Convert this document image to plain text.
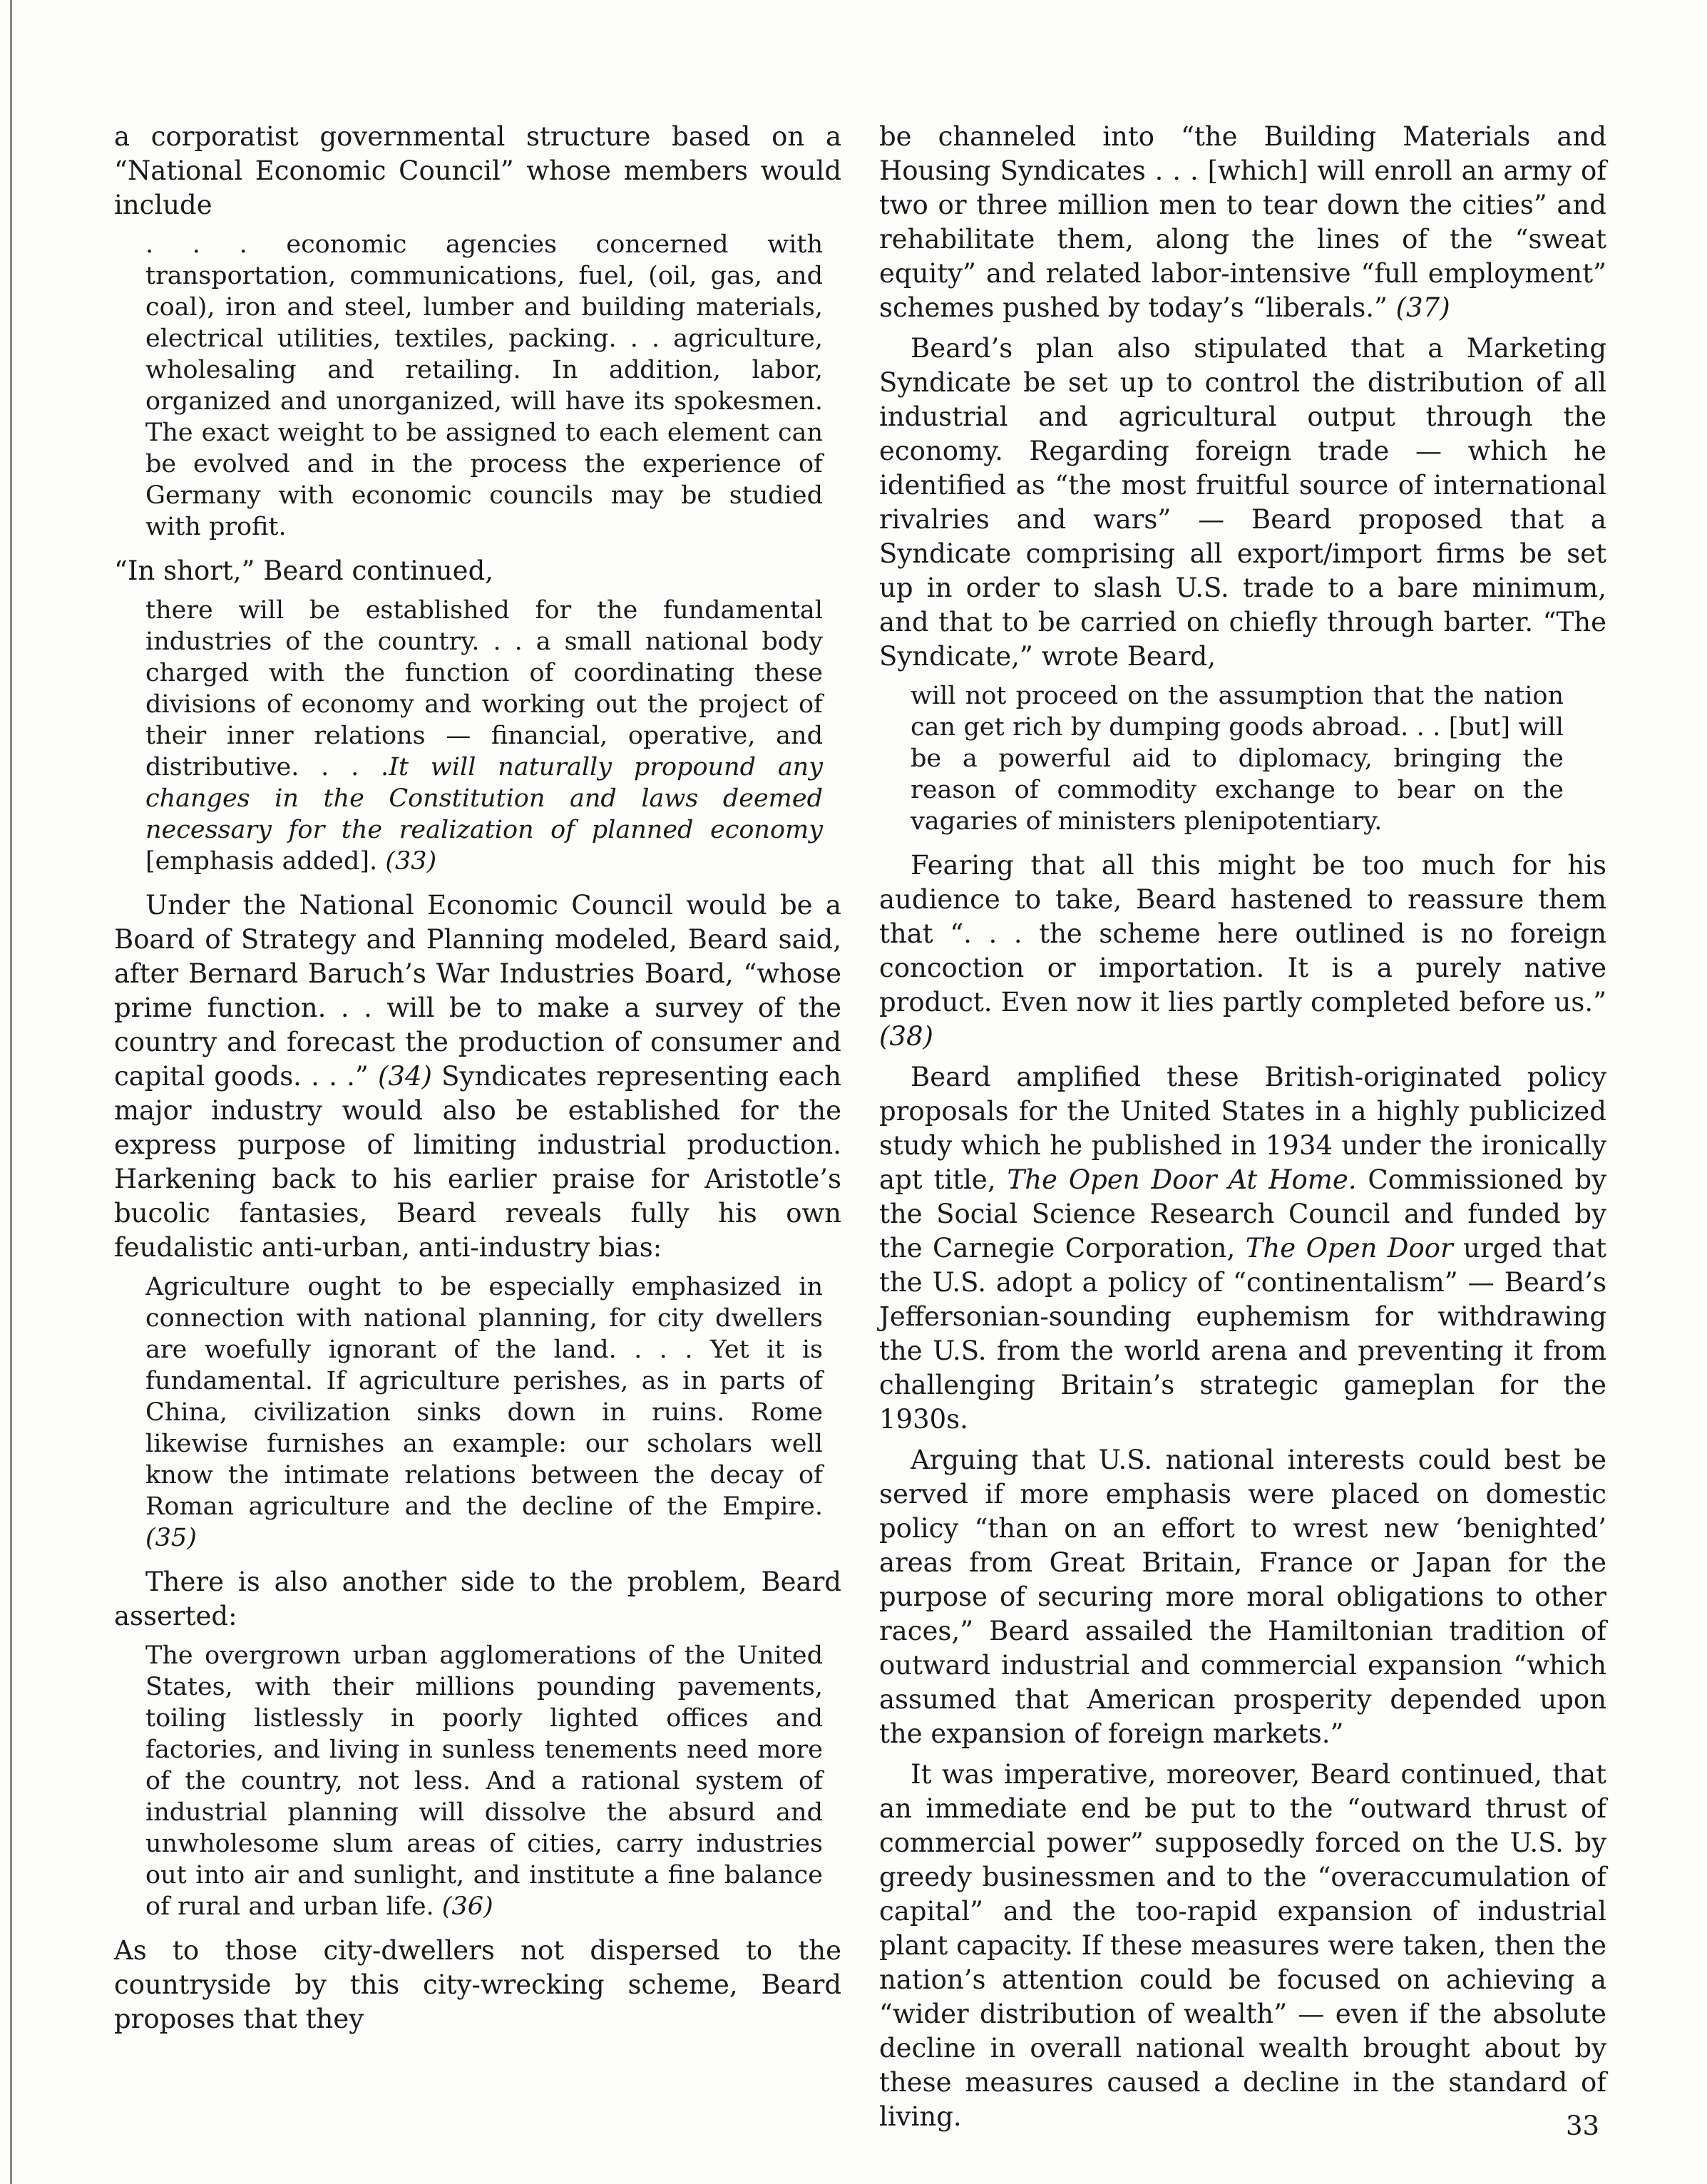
a corporatist governmental structure based on a “National Economic Council” whose members would include

. . . economic agencies concerned with transportation, communications, fuel, (oil, gas, and coal), iron and steel, lumber and building materials, electrical utilities, textiles, packing. . . agriculture, wholesaling and retailing. In addition, labor, organized and unorganized, will have its spokesmen. The exact weight to be assigned to each element can be evolved and in the process the experience of Germany with economic councils may be studied with profit.

“In short,” Beard continued,

there will be established for the fundamental industries of the country. . . a small national body charged with the function of coordinating these divisions of economy and working out the project of their inner relations — financial, operative, and distributive. . . .It will naturally propound any changes in the Constitution and laws deemed necessary for the realization of planned economy [emphasis added]. (33)

Under the National Economic Council would be a Board of Strategy and Planning modeled, Beard said, after Bernard Baruch’s War Industries Board, “whose prime function. . . will be to make a survey of the country and forecast the production of consumer and capital goods. . . .” (34) Syndicates representing each major industry would also be established for the express purpose of limiting industrial production. Harkening back to his earlier praise for Aristotle’s bucolic fantasies, Beard reveals fully his own feudalistic anti-urban, anti-industry bias:

Agriculture ought to be especially emphasized in connection with national planning, for city dwellers are woefully ignorant of the land. . . . Yet it is fundamental. If agriculture perishes, as in parts of China, civilization sinks down in ruins. Rome likewise furnishes an example: our scholars well know the intimate relations between the decay of Roman agriculture and the decline of the Empire. (35)

There is also another side to the problem, Beard asserted:

The overgrown urban agglomerations of the United States, with their millions pounding pavements, toiling listlessly in poorly lighted offices and factories, and living in sunless tenements need more of the country, not less. And a rational system of industrial planning will dissolve the absurd and unwholesome slum areas of cities, carry industries out into air and sunlight, and institute a fine balance of rural and urban life. (36)

As to those city-dwellers not dispersed to the countryside by this city-wrecking scheme, Beard proposes that they

be channeled into “the Building Materials and Housing Syndicates . . . [which] will enroll an army of two or three million men to tear down the cities” and rehabilitate them, along the lines of the “sweat equity” and related labor-intensive “full employment” schemes pushed by today’s “liberals.” (37)

Beard’s plan also stipulated that a Marketing Syndicate be set up to control the distribution of all industrial and agricultural output through the economy. Regarding foreign trade — which he identified as “the most fruitful source of international rivalries and wars” — Beard proposed that a Syndicate comprising all export/import firms be set up in order to slash U.S. trade to a bare minimum, and that to be carried on chiefly through barter. “The Syndicate,” wrote Beard,

will not proceed on the assumption that the nation can get rich by dumping goods abroad. . . [but] will be a powerful aid to diplomacy, bringing the reason of commodity exchange to bear on the vagaries of ministers plenipotentiary.

Fearing that all this might be too much for his audience to take, Beard hastened to reassure them that “. . . the scheme here outlined is no foreign concoction or importation. It is a purely native product. Even now it lies partly completed before us.” (38)

Beard amplified these British-originated policy proposals for the United States in a highly publicized study which he published in 1934 under the ironically apt title, The Open Door At Home. Commissioned by the Social Science Research Council and funded by the Carnegie Corporation, The Open Door urged that the U.S. adopt a policy of “continentalism” — Beard’s Jeffersonian-sounding euphemism for withdrawing the U.S. from the world arena and preventing it from challenging Britain’s strategic gameplan for the 1930s.

Arguing that U.S. national interests could best be served if more emphasis were placed on domestic policy “than on an effort to wrest new ‘benighted’ areas from Great Britain, France or Japan for the purpose of securing more moral obligations to other races,” Beard assailed the Hamiltonian tradition of outward industrial and commercial expansion “which assumed that American prosperity depended upon the expansion of foreign markets.”

It was imperative, moreover, Beard continued, that an immediate end be put to the “outward thrust of commercial power” supposedly forced on the U.S. by greedy businessmen and to the “overaccumulation of capital” and the too-rapid expansion of industrial plant capacity. If these measures were taken, then the nation’s attention could be focused on achieving a “wider distribution of wealth” — even if the absolute decline in overall national wealth brought about by these measures caused a decline in the standard of living.	33
